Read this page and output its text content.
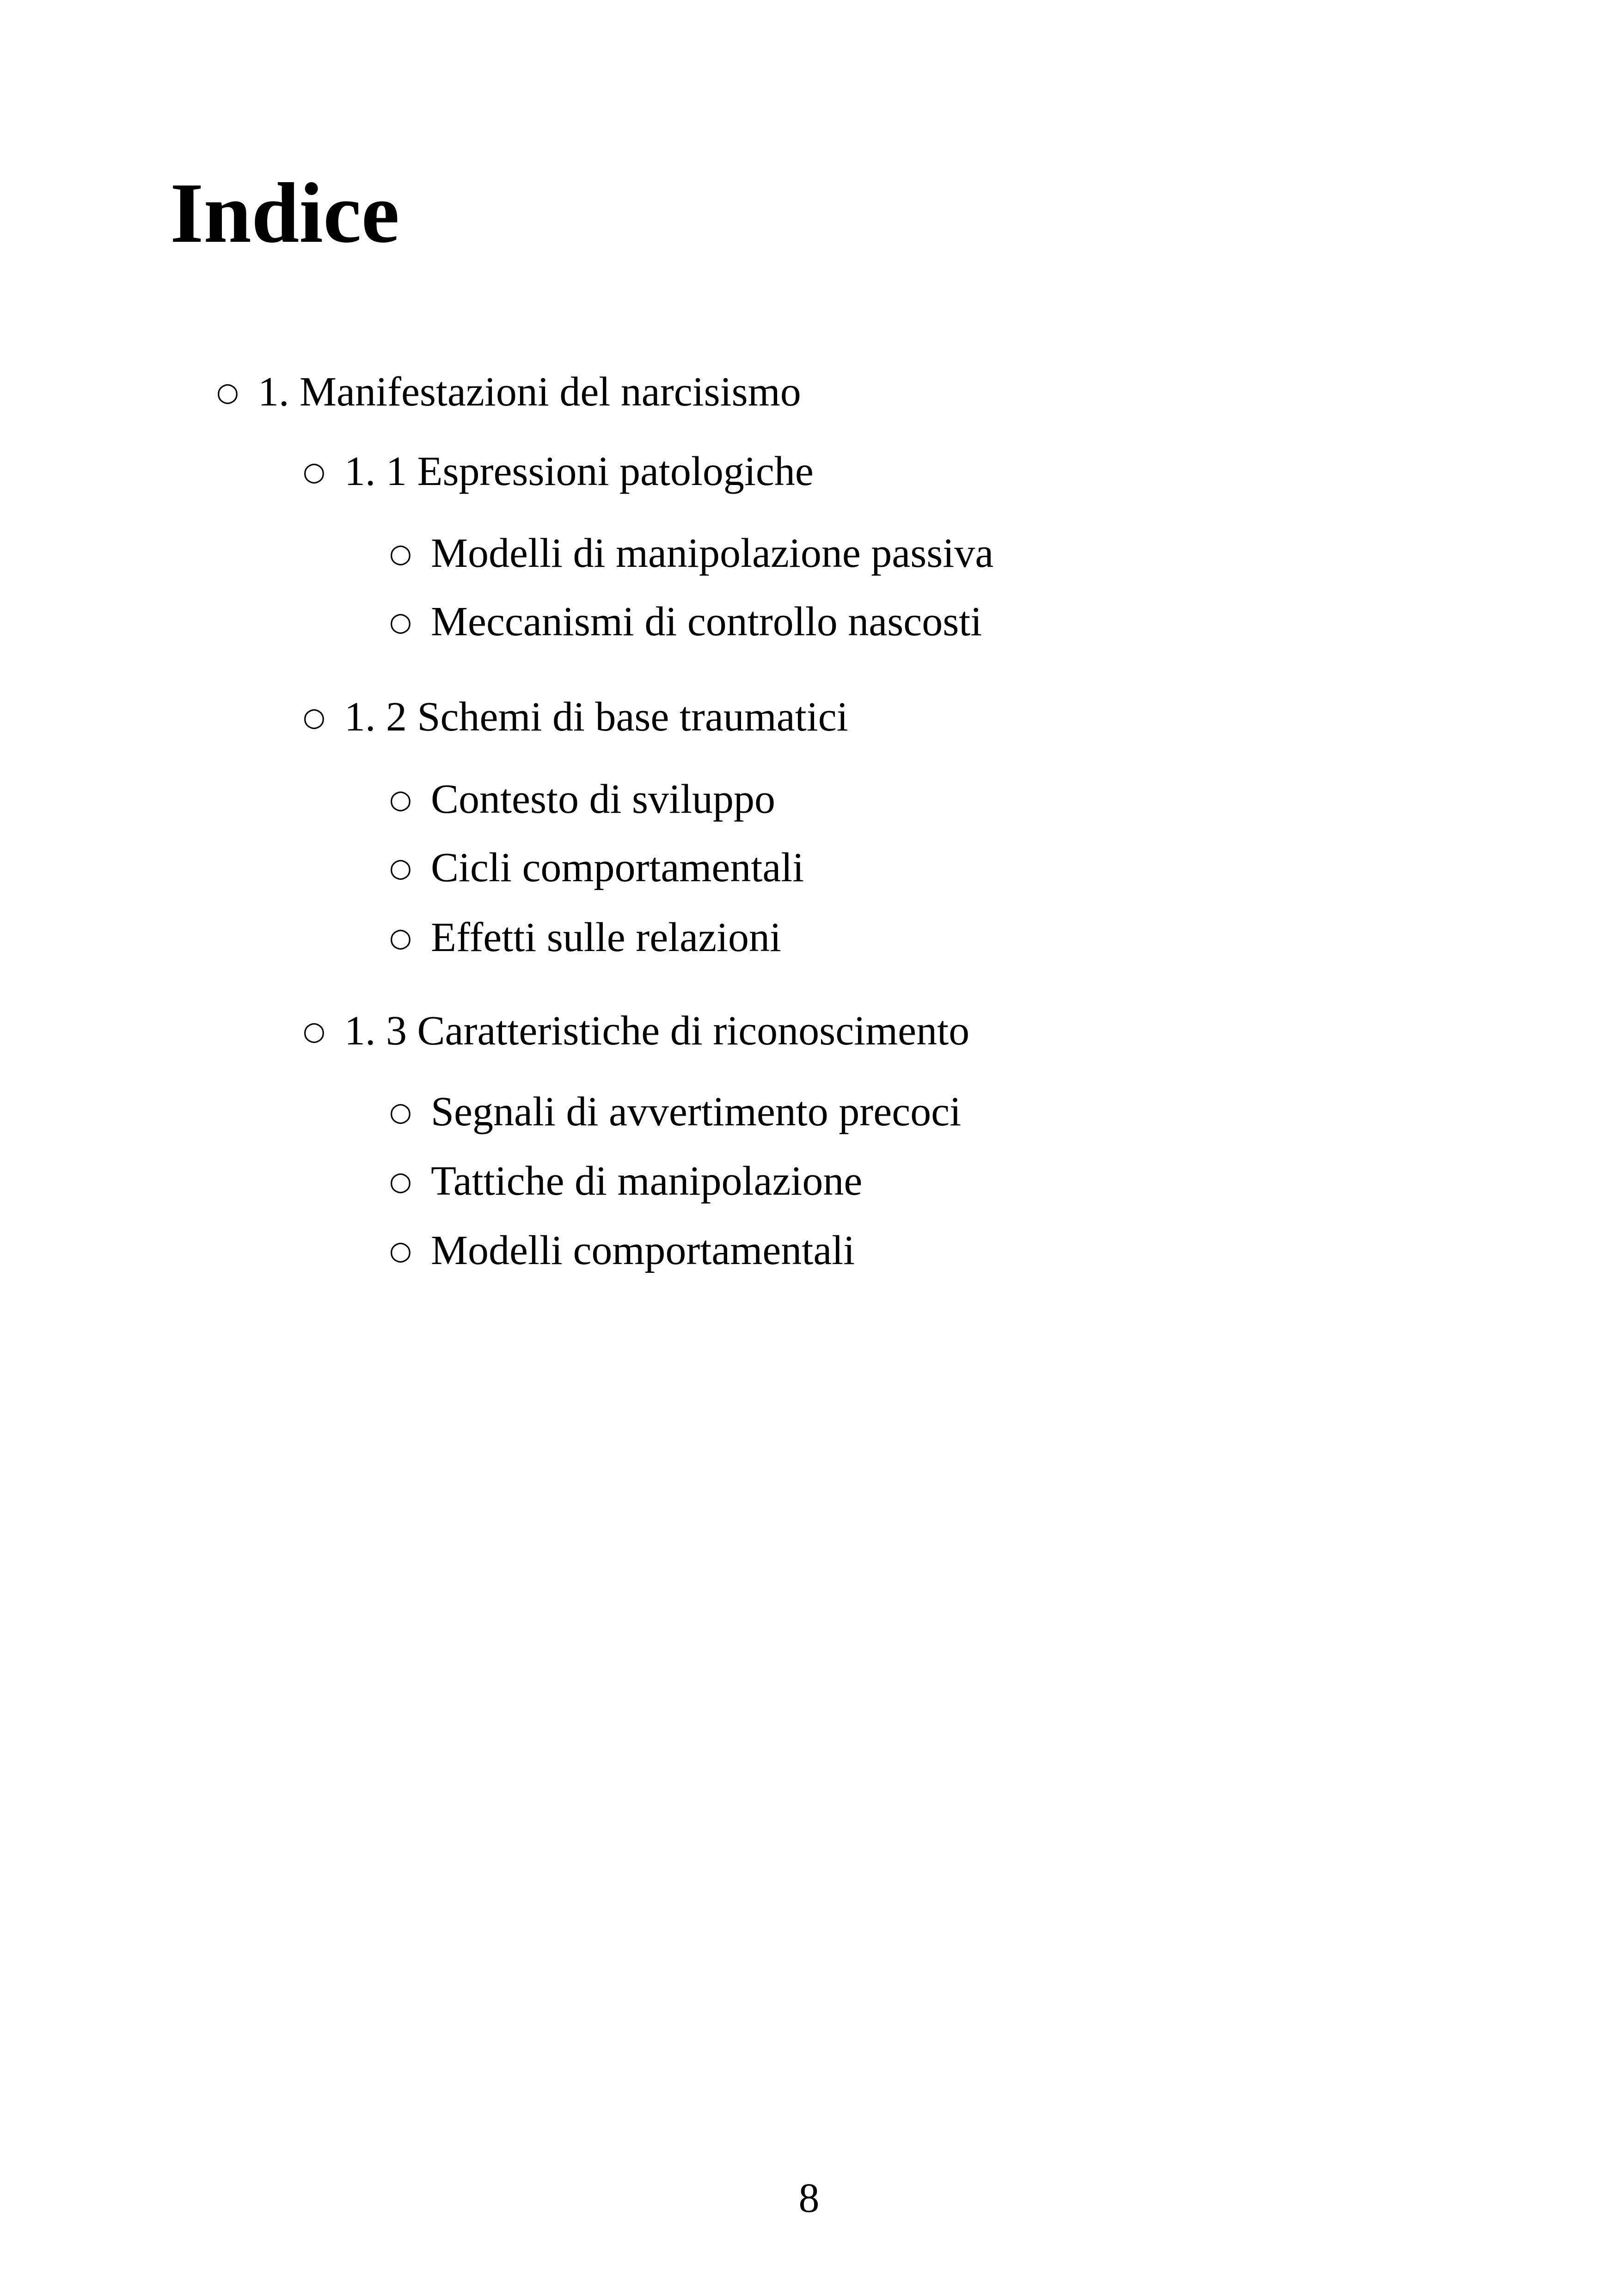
Indice
○ 1. Manifestazioni del narcisismo
○ 1. 1 Espressioni patologiche
○ Modelli di manipolazione passiva
○ Meccanismi di controllo nascosti
○ 1. 2 Schemi di base traumatici
○ Contesto di sviluppo
○ Cicli comportamentali
○ Effetti sulle relazioni
○ 1. 3 Caratteristiche di riconoscimento
○ Segnali di avvertimento precoci
○ Tattiche di manipolazione
○ Modelli comportamentali
8
